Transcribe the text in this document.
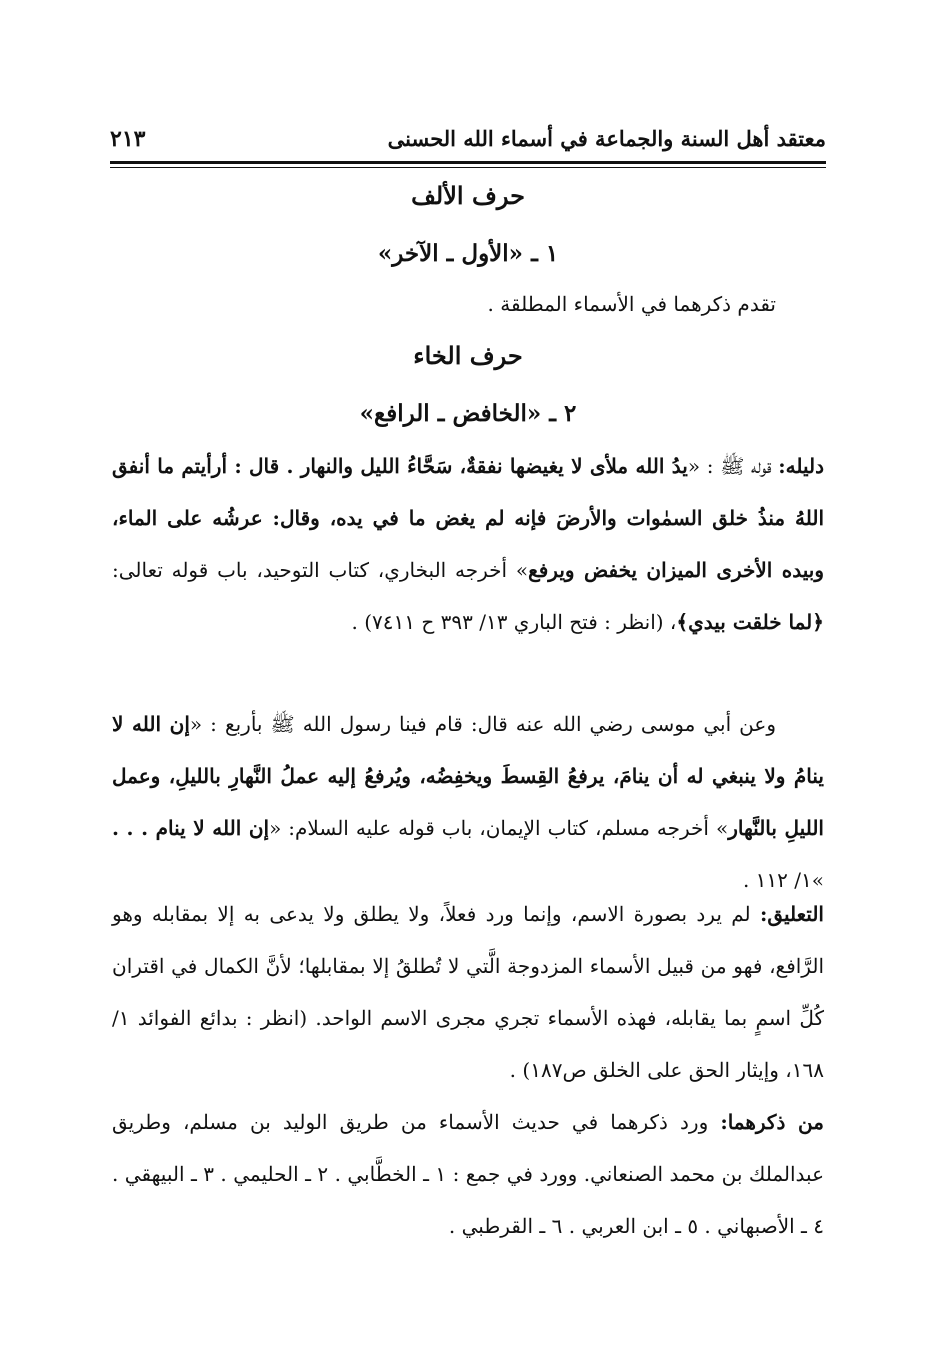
معتقد أهل السنة والجماعة في أسماء الله الحسنى
٢١٣
حرف الألف
١ ـ «الأول ـ الآخر»
تقدم ذكرهما في الأسماء المطلقة .
حرف الخاء
٢ ـ «الخافض ـ الرافع»
دليله: قوله ﷺ : «يدُ الله ملأى لا يغيضها نفقةٌ، سَحَّاءُ الليل والنهار . قال : أرأيتم ما أنفق اللهُ منذُ خلق السمٰوات والأرضَ فإنه لم يغض ما في يده، وقال: عرشُه على الماء، وبيده الأخرى الميزان يخفض ويرفع» أخرجه البخاري، كتاب التوحيد، باب قوله تعالى: ﴿لما خلقت بيدي﴾، (انظر : فتح الباري ١٣/ ٣٩٣ ح ٧٤١١) .
وعن أبي موسى رضي الله عنه قال: قام فينا رسول الله ﷺ بأربع : «إن الله لا ينامُ ولا ينبغي له أن ينامَ، يرفعُ القِسطَ ويخفِضُه، ويُرفعُ إليه عملُ النَّهارِ بالليلِ، وعمل الليلِ بالنَّهار» أخرجه مسلم، كتاب الإيمان، باب قوله عليه السلام: «إن الله لا ينام . . . »١/ ١١٢ .
التعليق: لم يرد بصورة الاسم، وإنما ورد فعلاً، ولا يطلق ولا يدعى به إلا بمقابله وهو الرَّافع، فهو من قبيل الأسماء المزدوجة الَّتي لا تُطلقُ إلا بمقابلها؛ لأنَّ الكمال في اقتران كُلِّ اسمٍ بما يقابله، فهذه الأسماء تجري مجرى الاسم الواحد. (انظر : بدائع الفوائد ١/ ١٦٨، وإيثار الحق على الخلق ص١٨٧) .
من ذكرهما: ورد ذكرهما في حديث الأسماء من طريق الوليد بن مسلم، وطريق عبدالملك بن محمد الصنعاني. وورد في جمع : ١ ـ الخطَّابي . ٢ ـ الحليمي . ٣ ـ البيهقي . ٤ ـ الأصبهاني . ٥ ـ ابن العربي . ٦ ـ القرطبي .
